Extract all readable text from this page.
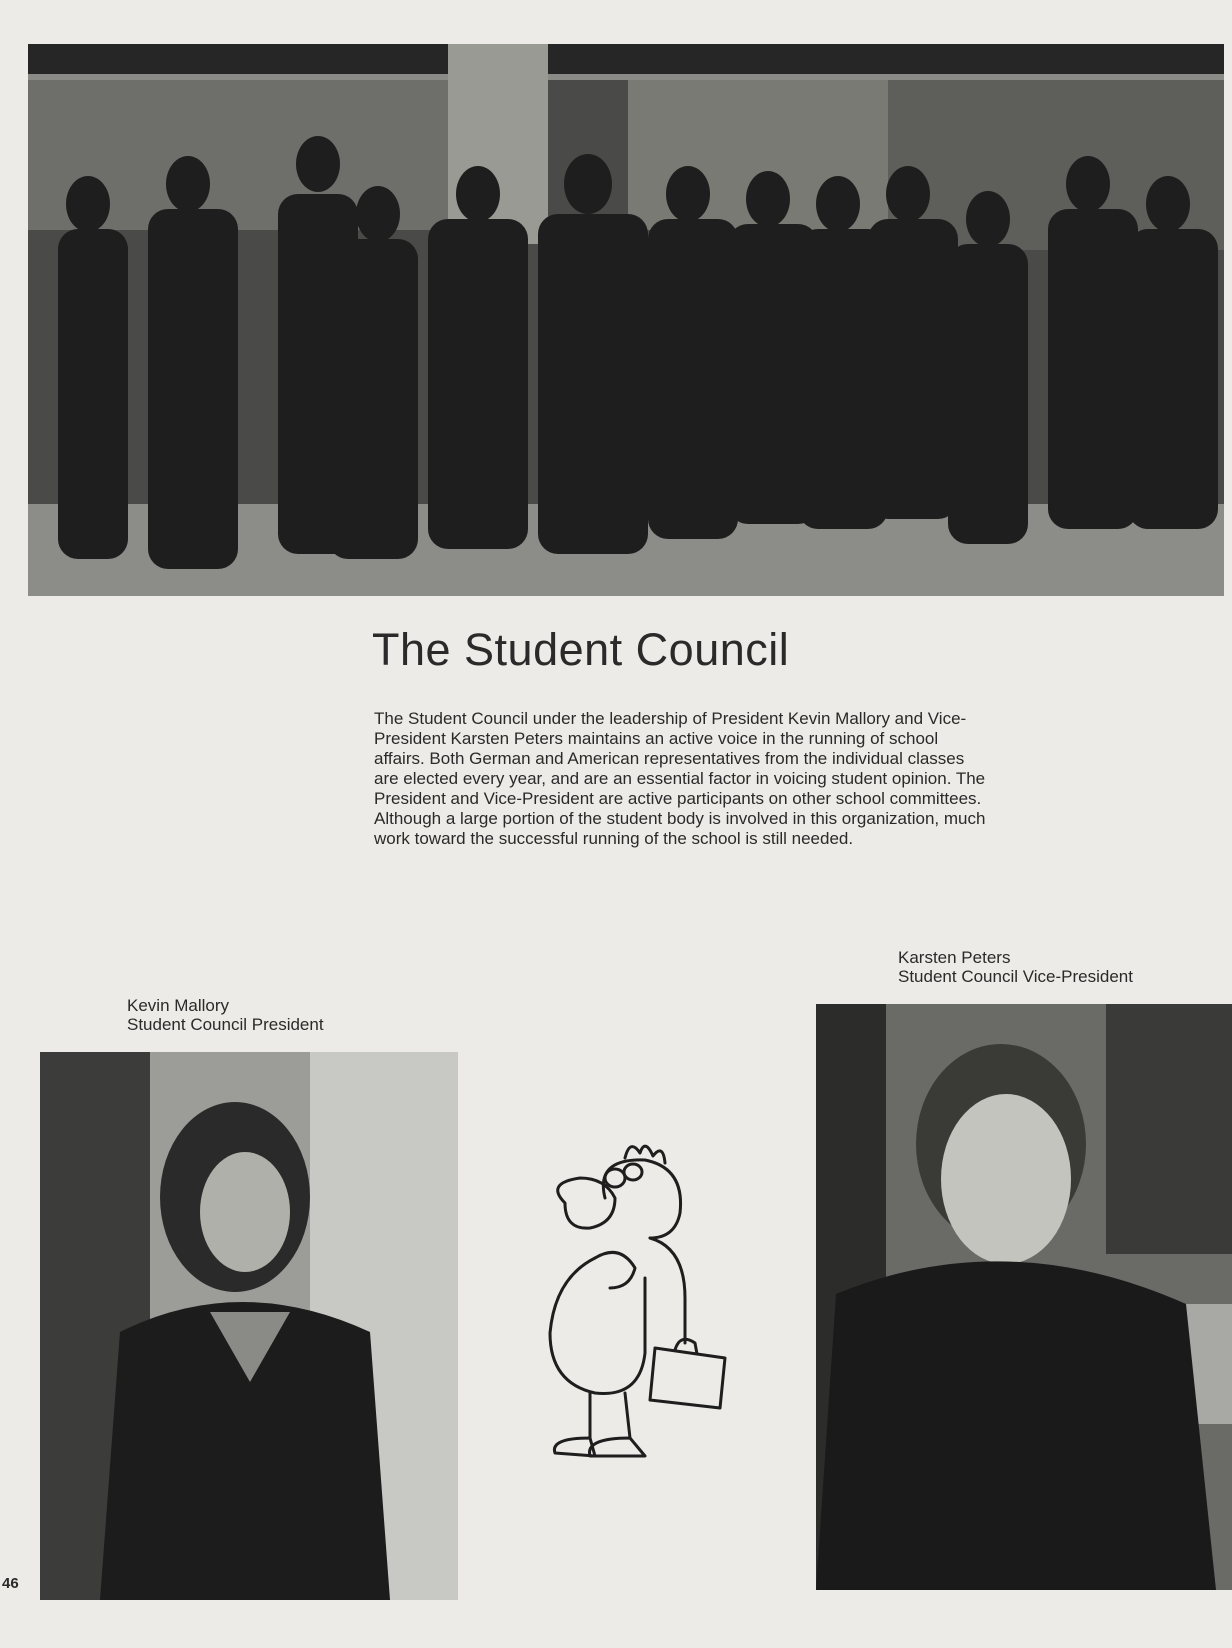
The Student Council

The Student Council under the leadership of President Kevin Mallory and Vice-President Karsten Peters maintains an active voice in the running of school affairs. Both German and American representatives from the individual classes are elected every year, and are an essential factor in voicing student opinion. The President and Vice-President are active participants on other school committees. Although a large portion of the student body is involved in this organization, much work toward the successful running of the school is still needed.

Kevin Mallory
Student Council President
Karsten Peters
Student Council Vice-President
46
